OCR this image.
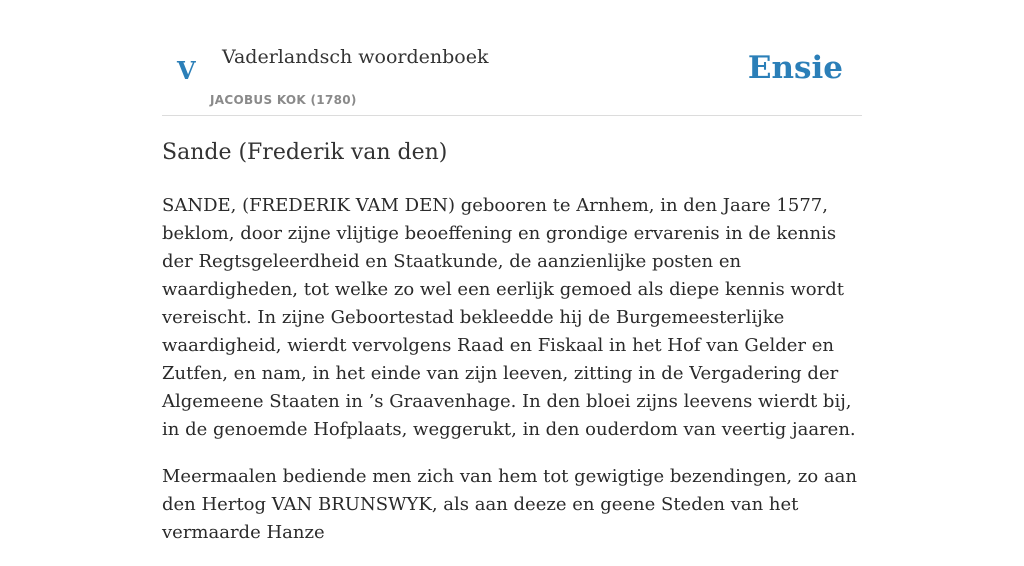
V Vaderlandsch woordenboek
JACOBUS KOK (1780)
Ensie
Sande (Frederik van den)

SANDE, (FREDERIK VAM DEN) gebooren te Arnhem, in den Jaare 1577, beklom, door zijne vlijtige beoeffening en grondige ervarenis in de kennis der Regtsgeleerdheid en Staatkunde, de aanzienlijke posten en waardigheden, tot welke zo wel een eerlijk gemoed als diepe kennis wordt vereischt. In zijne Geboortestad bekleedde hij de Burgemeesterlijke waardigheid, wierdt vervolgens Raad en Fiskaal in het Hof van Gelder en Zutfen, en nam, in het einde van zijn leeven, zitting in de Vergadering der Algemeene Staaten in ’s Graavenhage. In den bloei zijns leevens wierdt bij, in de genoemde Hofplaats, weggerukt, in den ouderdom van veertig jaaren.

Meermaalen bediende men zich van hem tot gewigtige bezendingen, zo aan den Hertog VAN BRUNSWYK, als aan deeze en geene Steden van het vermaarde Hanze
